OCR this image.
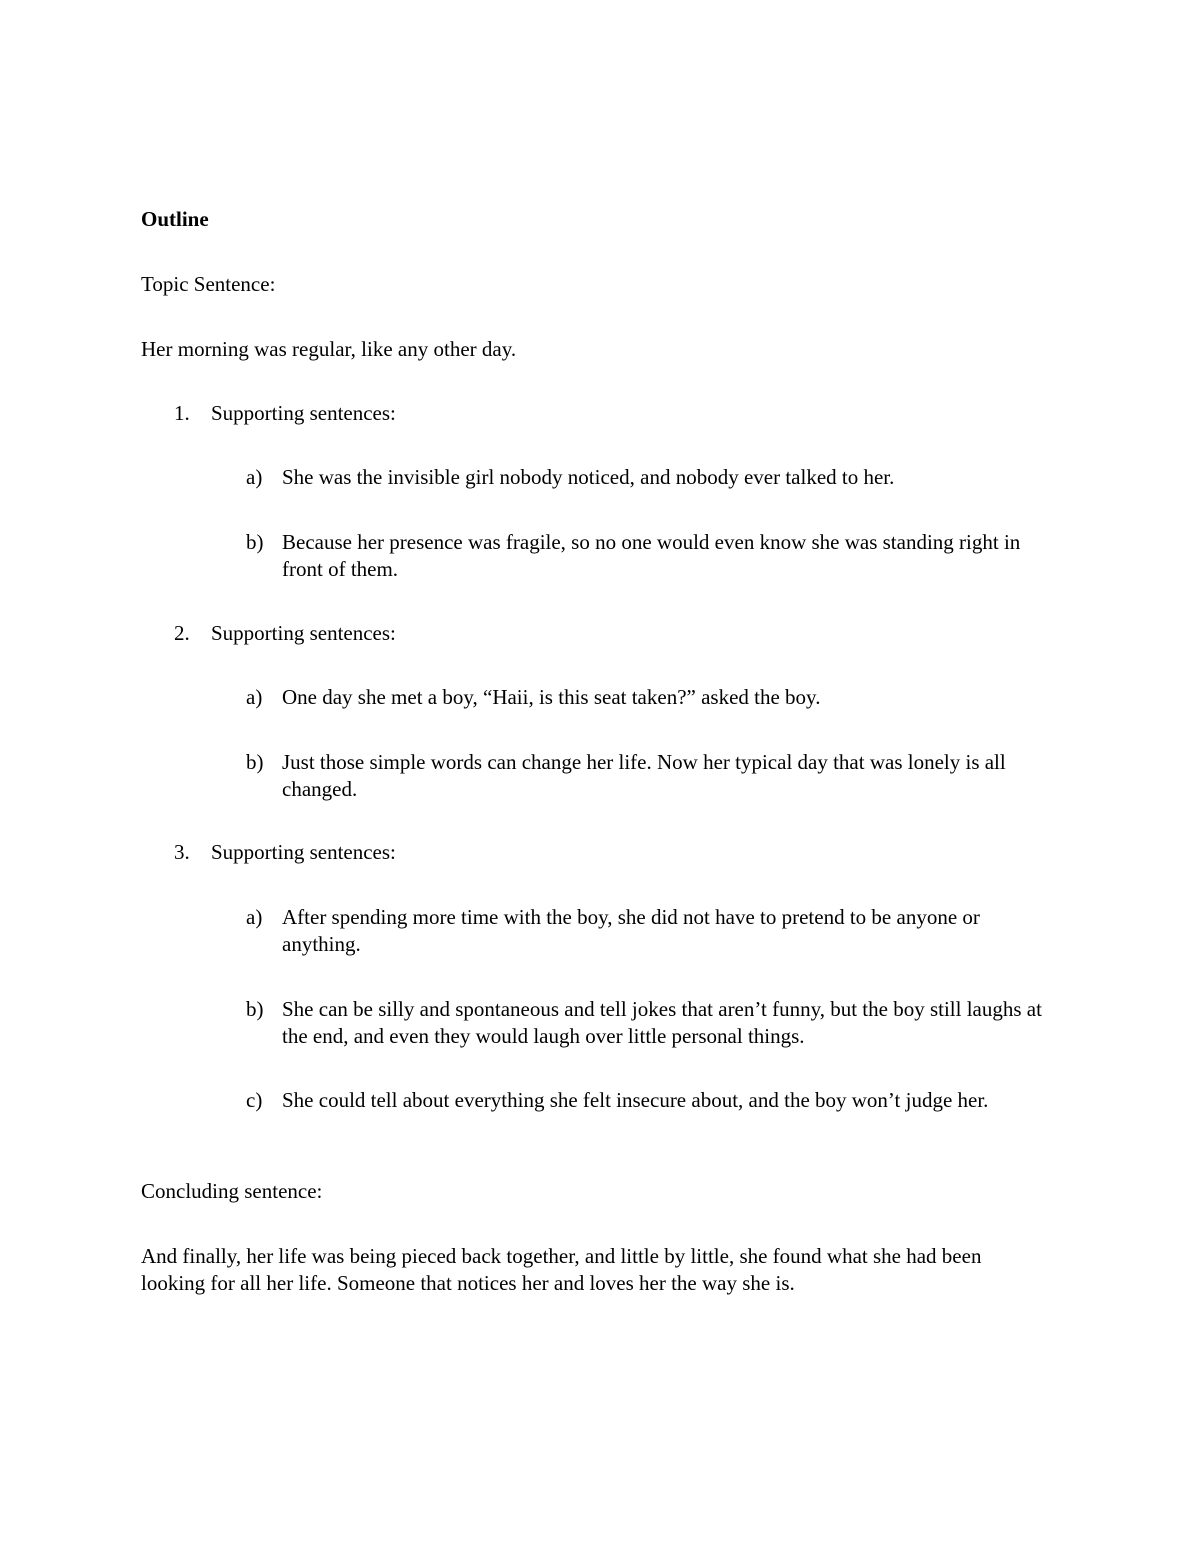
Outline

Topic Sentence:

Her morning was regular, like any other day.

1. Supporting sentences:
a) She was the invisible girl nobody noticed, and nobody ever talked to her.
b) Because her presence was fragile, so no one would even know she was standing right in front of them.
2. Supporting sentences:
a) One day she met a boy, “Haii, is this seat taken?” asked the boy.
b) Just those simple words can change her life. Now her typical day that was lonely is all changed.
3. Supporting sentences:
a) After spending more time with the boy, she did not have to pretend to be anyone or anything.
b) She can be silly and spontaneous and tell jokes that aren’t funny, but the boy still laughs at the end, and even they would laugh over little personal things.
c) She could tell about everything she felt insecure about, and the boy won’t judge her.

Concluding sentence:

And finally, her life was being pieced back together, and little by little, she found what she had been looking for all her life. Someone that notices her and loves her the way she is.
